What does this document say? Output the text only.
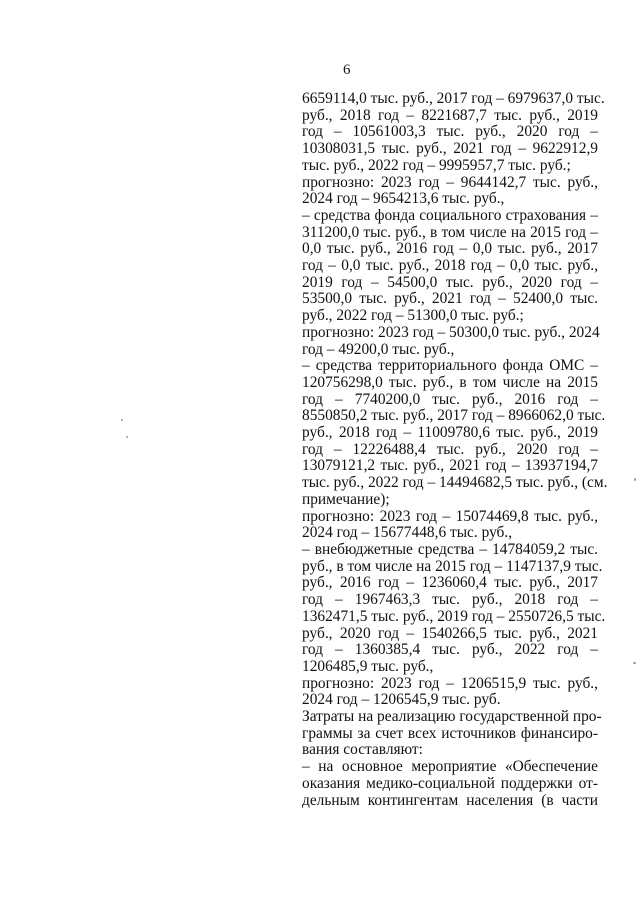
6
6659114,0 тыс. руб., 2017 год – 6979637,0 тыс.
руб., 2018 год – 8221687,7 тыс. руб., 2019
год – 10561003,3 тыс. руб., 2020 год –
10308031,5 тыс. руб., 2021 год – 9622912,9
тыс. руб., 2022 год – 9995957,7 тыс. руб.;
прогнозно: 2023 год – 9644142,7 тыс. руб.,
2024 год – 9654213,6 тыс. руб.,
– средства фонда социального страхования –
311200,0 тыс. руб., в том числе на 2015 год –
0,0 тыс. руб., 2016 год – 0,0 тыс. руб., 2017
год – 0,0 тыс. руб., 2018 год – 0,0 тыс. руб.,
2019 год – 54500,0 тыс. руб., 2020 год –
53500,0 тыс. руб., 2021 год – 52400,0 тыс.
руб., 2022 год – 51300,0 тыс. руб.;
прогнозно: 2023 год – 50300,0 тыс. руб., 2024
год – 49200,0 тыс. руб.,
– средства территориального фонда ОМС –
120756298,0 тыс. руб., в том числе на 2015
год – 7740200,0 тыс. руб., 2016 год –
8550850,2 тыс. руб., 2017 год – 8966062,0 тыс.
руб., 2018 год – 11009780,6 тыс. руб., 2019
год – 12226488,4 тыс. руб., 2020 год –
13079121,2 тыс. руб., 2021 год – 13937194,7
тыс. руб., 2022 год – 14494682,5 тыс. руб., (см.
примечание);
прогнозно: 2023 год – 15074469,8 тыс. руб.,
2024 год – 15677448,6 тыс. руб.,
– внебюджетные средства – 14784059,2 тыс.
руб., в том числе на 2015 год – 1147137,9 тыс.
руб., 2016 год – 1236060,4 тыс. руб., 2017
год – 1967463,3 тыс. руб., 2018 год –
1362471,5 тыс. руб., 2019 год – 2550726,5 тыс.
руб., 2020 год – 1540266,5 тыс. руб., 2021
год – 1360385,4 тыс. руб., 2022 год –
1206485,9 тыс. руб.,
прогнозно: 2023 год – 1206515,9 тыс. руб.,
2024 год – 1206545,9 тыс. руб.
Затраты на реализацию государственной про-
граммы за счет всех источников финансиро-
вания составляют:
– на основное мероприятие «Обеспечение
оказания медико-социальной поддержки от-
дельным контингентам населения (в части
